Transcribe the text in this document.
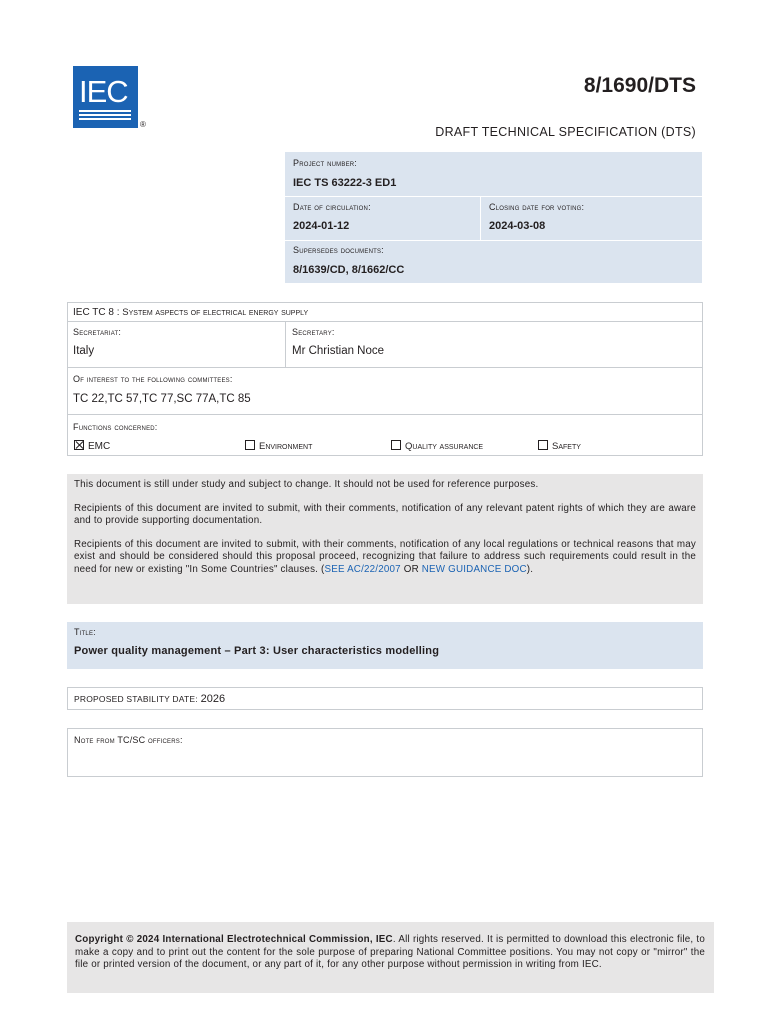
IEC
®
8/1690/DTS
DRAFT TECHNICAL SPECIFICATION (DTS)
Project number:
IEC TS 63222-3 ED1
Date of circulation:
2024-01-12
Closing date for voting:
2024-03-08
Supersedes documents:
8/1639/CD, 8/1662/CC
IEC TC 8 : System aspects of electrical energy supply
Secretariat:
Italy
Secretary:
Mr Christian Noce
Of interest to the following committees:
TC 22,TC 57,TC 77,SC 77A,TC 85
Functions concerned:
EMC	Environment	Quality assurance	Safety

This document is still under study and subject to change. It should not be used for reference purposes.

Recipients of this document are invited to submit, with their comments, notification of any relevant patent rights of which they are aware and to provide supporting documentation.

Recipients of this document are invited to submit, with their comments, notification of any local regulations or technical reasons that may exist and should be considered should this proposal proceed, recognizing that failure to address such requirements could result in the need for new or existing "In Some Countries" clauses. (SEE AC/22/2007 OR NEW GUIDANCE DOC).

Title:
Power quality management – Part 3: User characteristics modelling
PROPOSED STABILITY DATE: 2026
Note from TC/SC officers:
Copyright © 2024 International Electrotechnical Commission, IEC. All rights reserved. It is permitted to download this electronic file, to make a copy and to print out the content for the sole purpose of preparing National Committee positions. You may not copy or "mirror" the file or printed version of the document, or any part of it, for any other purpose without permission in writing from IEC.
